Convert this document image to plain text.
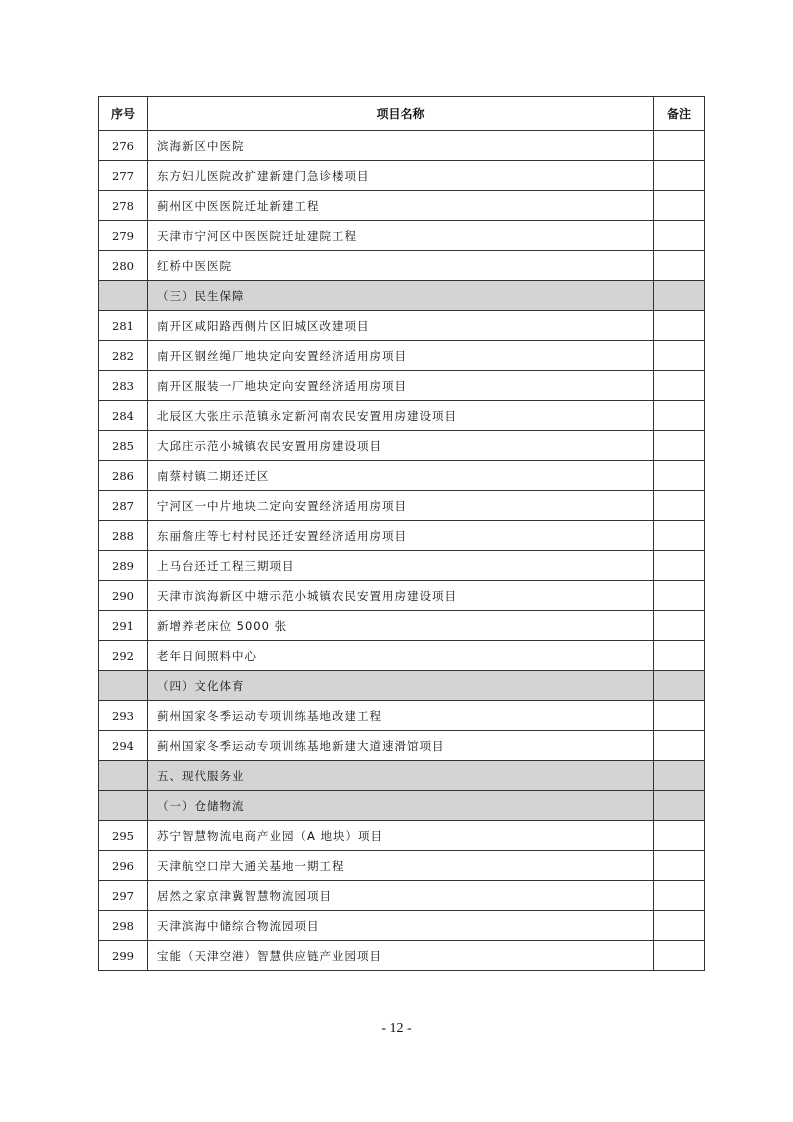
序号	项目名称	备注
276	滨海新区中医院	
277	东方妇儿医院改扩建新建门急诊楼项目	
278	蓟州区中医医院迁址新建工程	
279	天津市宁河区中医医院迁址建院工程	
280	红桥中医医院	
	（三）民生保障	
281	南开区咸阳路西侧片区旧城区改建项目	
282	南开区钢丝绳厂地块定向安置经济适用房项目	
283	南开区服装一厂地块定向安置经济适用房项目	
284	北辰区大张庄示范镇永定新河南农民安置用房建设项目	
285	大邱庄示范小城镇农民安置用房建设项目	
286	南蔡村镇二期还迁区	
287	宁河区一中片地块二定向安置经济适用房项目	
288	东丽詹庄等七村村民还迁安置经济适用房项目	
289	上马台还迁工程三期项目	
290	天津市滨海新区中塘示范小城镇农民安置用房建设项目	
291	新增养老床位 5000 张	
292	老年日间照料中心	
	（四）文化体育	
293	蓟州国家冬季运动专项训练基地改建工程	
294	蓟州国家冬季运动专项训练基地新建大道速滑馆项目	
	五、现代服务业	
	（一）仓储物流	
295	苏宁智慧物流电商产业园（A 地块）项目	
296	天津航空口岸大通关基地一期工程	
297	居然之家京津冀智慧物流园项目	
298	天津滨海中储综合物流园项目	
299	宝能（天津空港）智慧供应链产业园项目	
- 12 -
